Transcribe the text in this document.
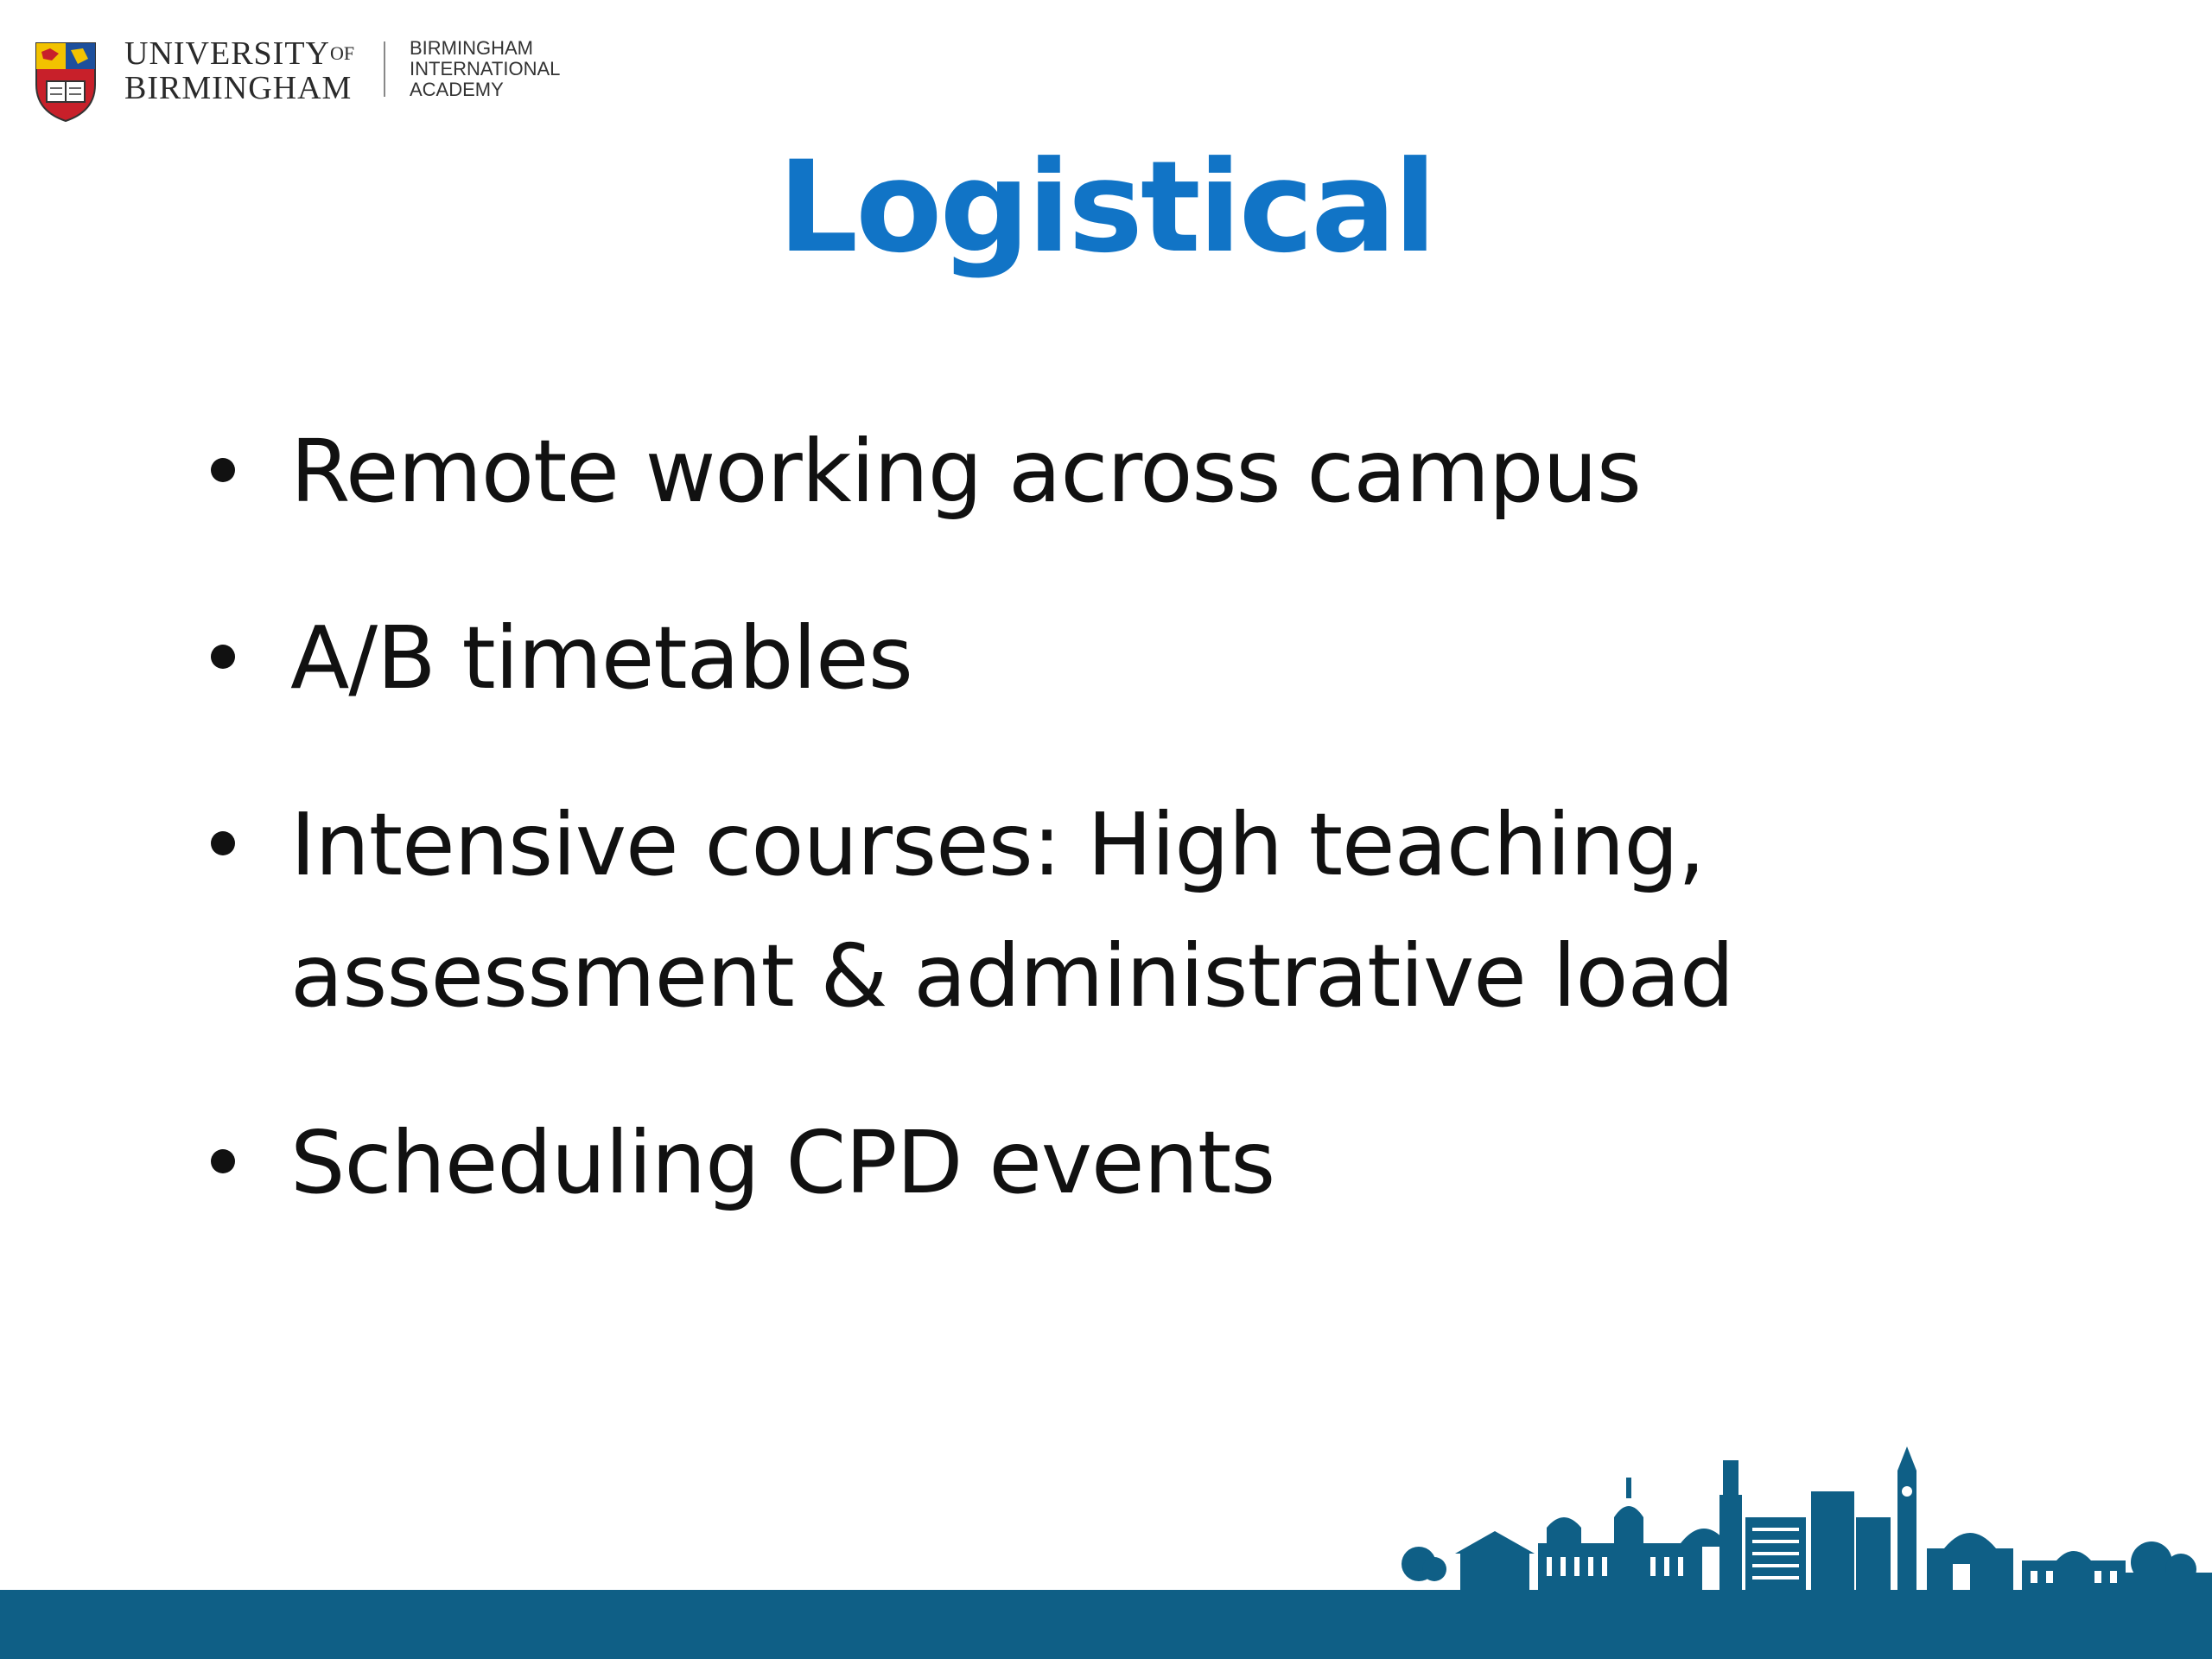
$UNIVERSITY^{OF}$
BIRMINGHAM
BIRMINGHAM
INTERNATIONAL
ACADEMY
Logistical
Remote working across campus
A/B timetables
Intensive courses: High teaching,
assessment & administrative load
Scheduling CPD events
